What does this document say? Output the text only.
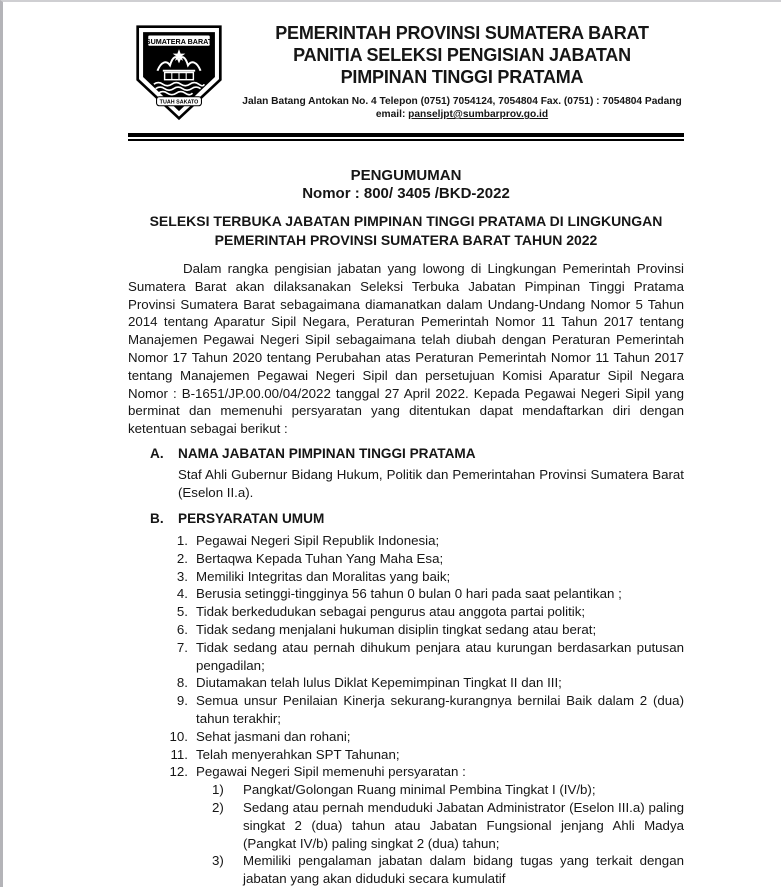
SUMATERA BARAT
TUAH SAKATO
PEMERINTAH PROVINSI SUMATERA BARAT
PANITIA SELEKSI PENGISIAN JABATAN
PIMPINAN TINGGI PRATAMA
Jalan Batang Antokan No. 4 Telepon (0751) 7054124, 7054804 Fax. (0751) : 7054804 Padang
email: panseljpt@sumbarprov.go.id
PENGUMUMAN
Nomor : 800/ 3405 /BKD-2022
SELEKSI TERBUKA JABATAN PIMPINAN TINGGI PRATAMA DI LINGKUNGAN
PEMERINTAH PROVINSI SUMATERA BARAT TAHUN 2022

Dalam rangka pengisian jabatan yang lowong di Lingkungan Pemerintah Provinsi Sumatera Barat akan dilaksanakan Seleksi Terbuka Jabatan Pimpinan Tinggi Pratama Provinsi Sumatera Barat sebagaimana diamanatkan dalam Undang-Undang Nomor 5 Tahun 2014 tentang Aparatur Sipil Negara, Peraturan Pemerintah Nomor 11 Tahun 2017 tentang Manajemen Pegawai Negeri Sipil sebagaimana telah diubah dengan Peraturan Pemerintah Nomor 17 Tahun 2020 tentang Perubahan atas Peraturan Pemerintah Nomor 11 Tahun 2017 tentang Manajemen Pegawai Negeri Sipil dan persetujuan Komisi Aparatur Sipil Negara Nomor : B-1651/JP.00.00/04/2022 tanggal 27 April 2022. Kepada Pegawai Negeri Sipil yang berminat dan memenuhi persyaratan yang ditentukan dapat mendaftarkan diri dengan ketentuan sebagai berikut :

A.	NAMA JABATAN PIMPINAN TINGGI PRATAMA
Staf Ahli Gubernur Bidang Hukum, Politik dan Pemerintahan Provinsi Sumatera Barat (Eselon II.a).
B.	PERSYARATAN UMUM
1. Pegawai Negeri Sipil Republik Indonesia;
2. Bertaqwa Kepada Tuhan Yang Maha Esa;
3. Memiliki Integritas dan Moralitas yang baik;
4. Berusia setinggi-tingginya 56 tahun 0 bulan 0 hari pada saat pelantikan ;
5. Tidak berkedudukan sebagai pengurus atau anggota partai politik;
6. Tidak sedang menjalani hukuman disiplin tingkat sedang atau berat;
7. Tidak sedang atau pernah dihukum penjara atau kurungan berdasarkan putusan pengadilan;
8. Diutamakan telah lulus Diklat Kepemimpinan Tingkat II dan III;
9. Semua unsur Penilaian Kinerja sekurang-kurangnya bernilai Baik dalam 2 (dua) tahun terakhir;
10. Sehat jasmani dan rohani;
11. Telah menyerahkan SPT Tahunan;
12. Pegawai Negeri Sipil memenuhi persyaratan :
1)	Pangkat/Golongan Ruang minimal Pembina Tingkat I (IV/b);
2)	Sedang atau pernah menduduki Jabatan Administrator (Eselon III.a) paling singkat 2 (dua) tahun atau Jabatan Fungsional jenjang Ahli Madya (Pangkat IV/b) paling singkat 2 (dua) tahun;
3)	Memiliki pengalaman jabatan dalam bidang tugas yang terkait dengan jabatan yang akan diduduki secara kumulatif
